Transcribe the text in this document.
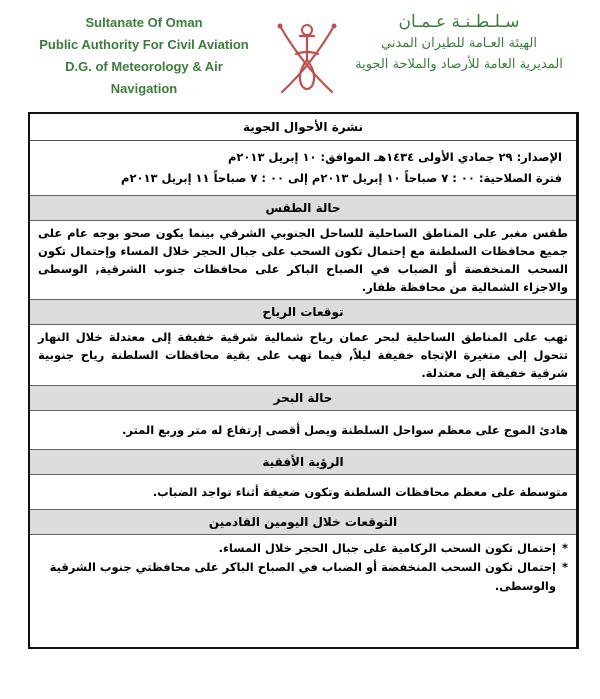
Sultanate Of Oman
Public Authority For Civil Aviation
D.G. of Meteorology & Air
Navigation
سـلـطـنـة عـمـان
الهيئة العـامة للطيران المدني
المديرية العامة للأرصاد والملاحة الجوية
نشرة الأحوال الجوية
الإصدار: ٢٩ جمادي الأولى ١٤٣٤هـ الموافق: ١٠ إبريل ٢٠١٣م
فترة الصلاحية: ٠٠ : ٧ صباحاً ١٠ إبريل ٢٠١٣م إلى ٠٠ : ٧ صباحاً ١١ إبريل ٢٠١٣م
حالة الطقس
طقس مغبر على المناطق الساحلية للساحل الجنوبي الشرقي بينما يكون صحو بوجه عام على جميع محافظات السلطنة مع إحتمال تكون السحب على جبال الحجر خلال المساء وإحتمال تكون السحب المنخفضة أو الضباب في الصباح الباكر على محافظات جنوب الشرقية, الوسطى والاجزاء الشمالية من محافظة ظفار.
توقعات الرياح
تهب على المناطق الساحلية لبحر عمان رياح شمالية شرقية خفيفة إلى معتدلة خلال النهار تتحول إلى متغيرة الإتجاه خفيفة ليلاً, فيما تهب على بقية محافظات السلطنة رياح جنوبية شرقية خفيفة إلى معتدلة.
حالة البحر
هادئ الموج على معظم سواحل السلطنة ويصل أقصى إرتفاع له متر وربع المتر.
الرؤية الأفقية
متوسطة على معظم محافظات السلطنة وتكون ضعيفة أثناء تواجد الضباب.
التوقعات خلال اليومين القادمين
* إحتمال تكون السحب الركامية على جبال الحجر خلال المساء.
* إحتمال تكون السحب المنخفضة أو الضباب في الصباح الباكر على محافظتي جنوب الشرقية والوسطى.
